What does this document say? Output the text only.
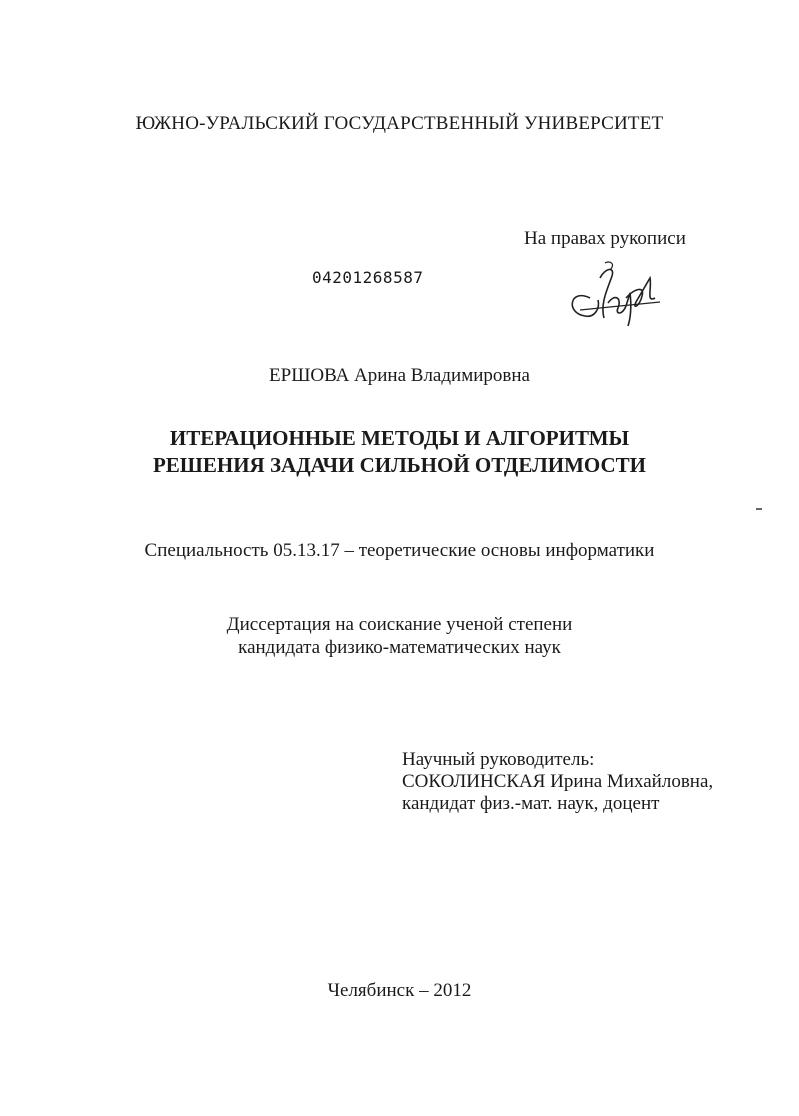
ЮЖНО-УРАЛЬСКИЙ ГОСУДАРСТВЕННЫЙ УНИВЕРСИТЕТ
На правах рукописи
04201268587
ЕРШОВА Арина Владимировна
ИТЕРАЦИОННЫЕ МЕТОДЫ И АЛГОРИТМЫ
РЕШЕНИЯ ЗАДАЧИ СИЛЬНОЙ ОТДЕЛИМОСТИ
Специальность 05.13.17 – теоретические основы информатики
Диссертация на соискание ученой степени
кандидата физико-математических наук
Научный руководитель:
СОКОЛИНСКАЯ Ирина Михайловна,
кандидат физ.-мат. наук, доцент
Челябинск – 2012
